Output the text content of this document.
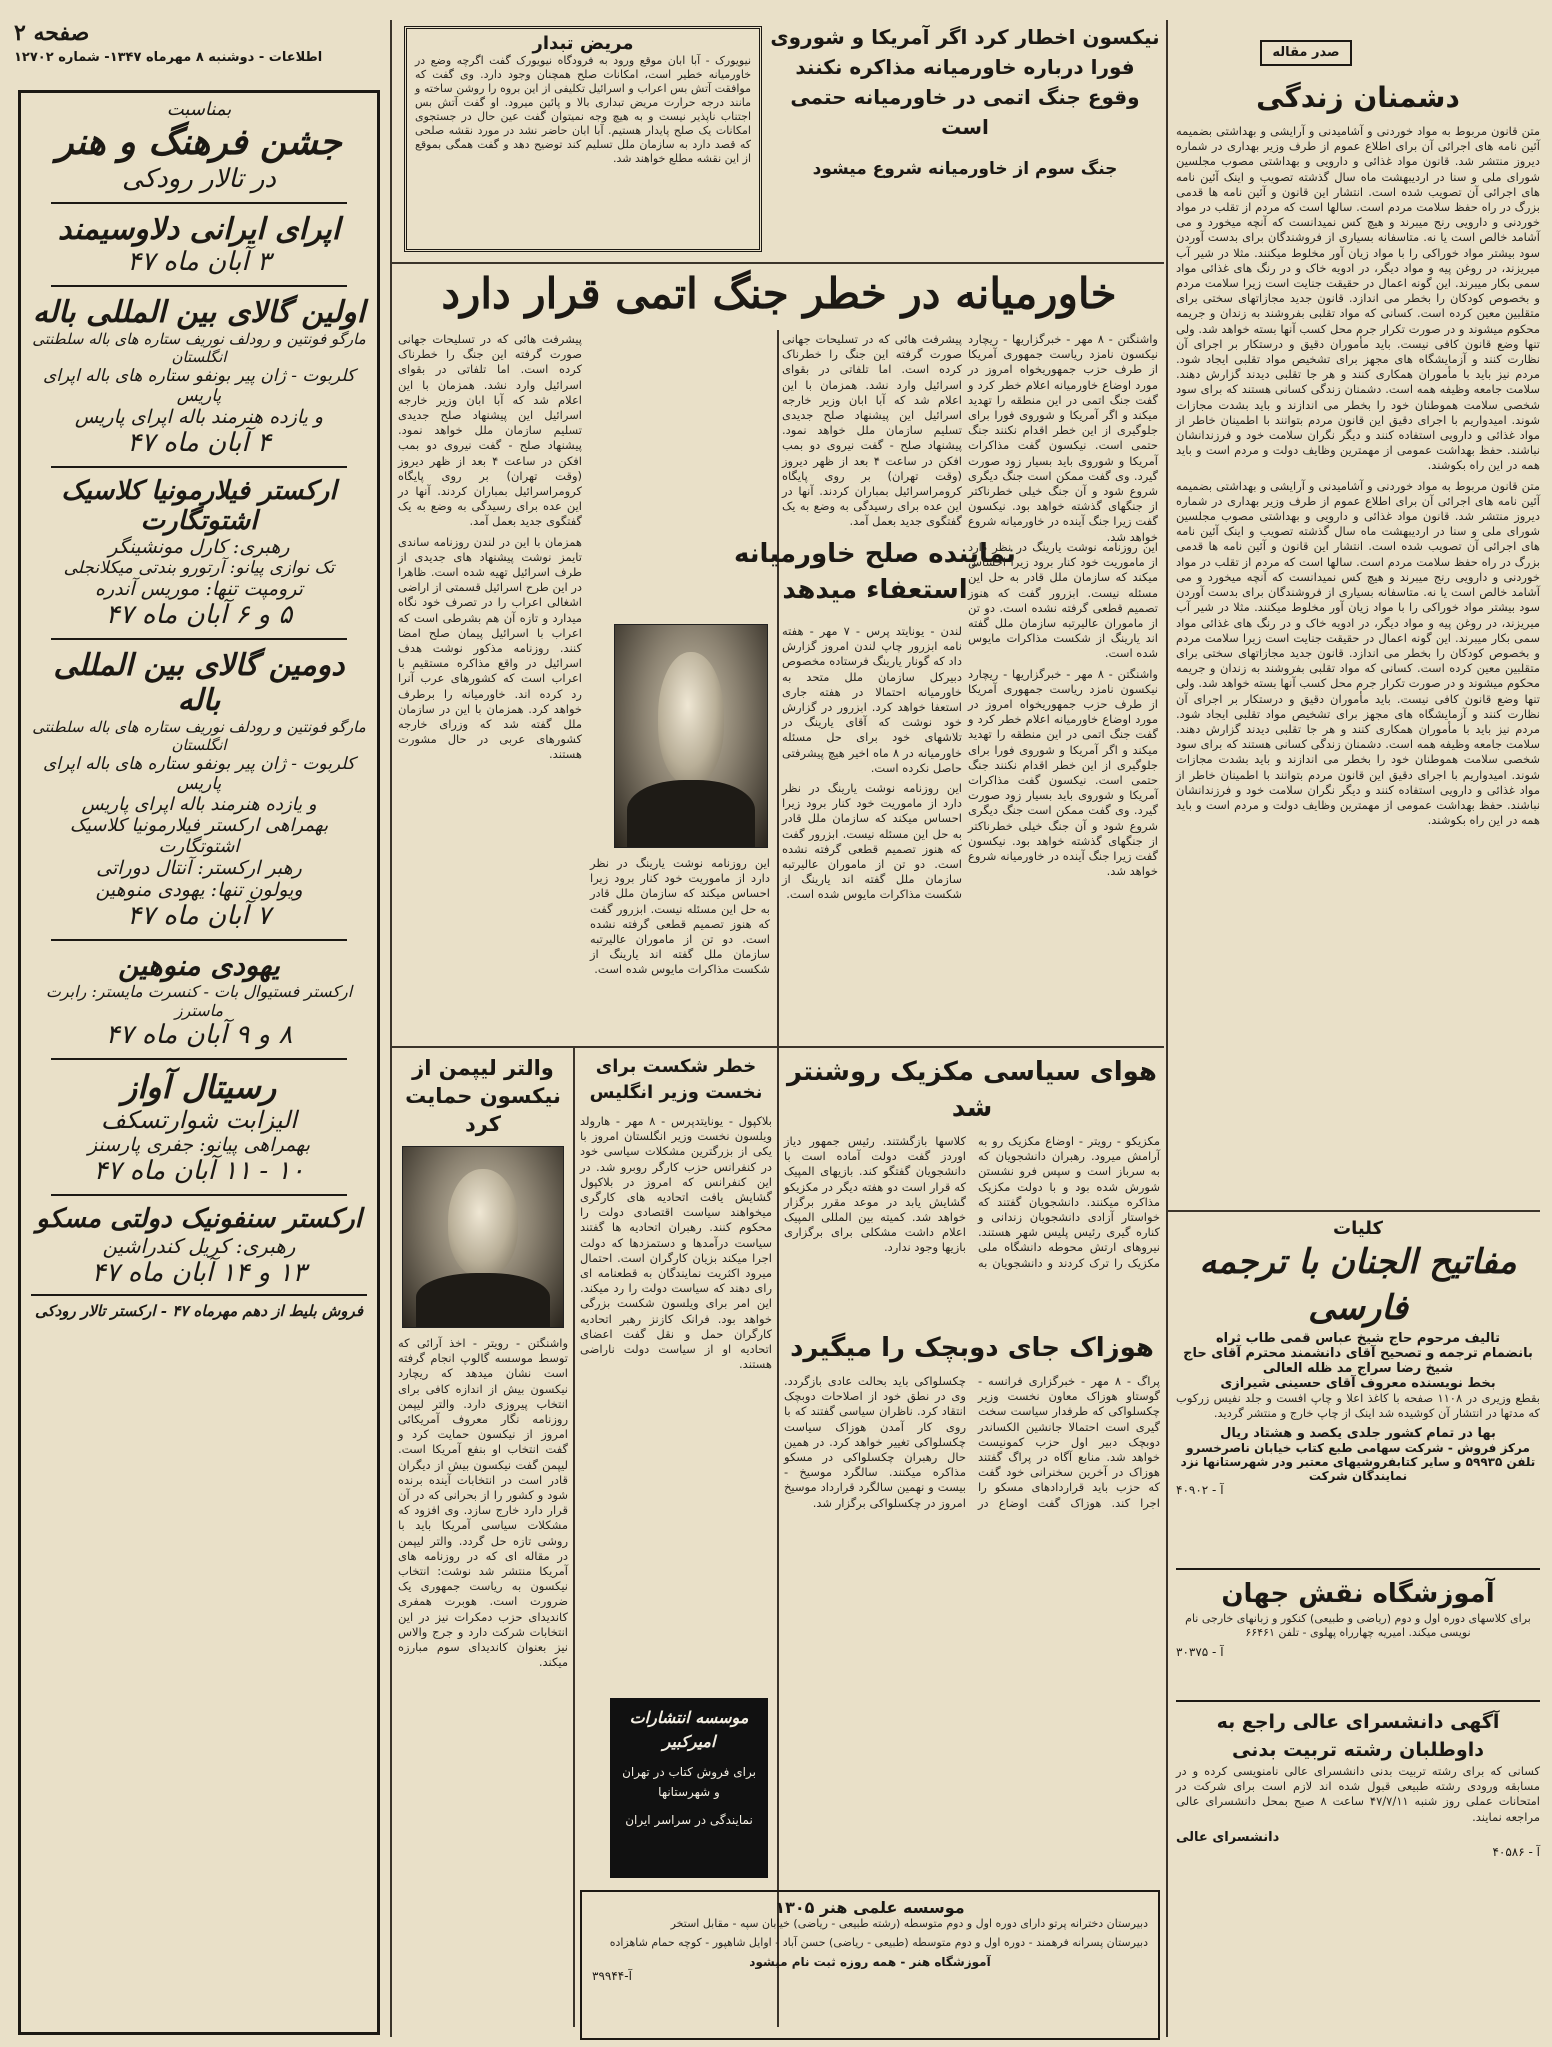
صفحه ۲
اطلاعات - دوشنبه ۸ مهرماه ۱۳۴۷- شماره ۱۲۷۰۲
بمناسبت
جشن فرهنگ و هنر
در تالار رودکی
اپرای ایرانی دلاوسیمند
۳ آبان ماه ۴۷
اولین گالای بین المللی باله
مارگو فونتین و رودلف نوریف ستاره های باله سلطنتی انگلستان
کلربوت - ژان پیر بونفو ستاره های باله اپرای پاریس
و یازده هنرمند باله اپرای پاریس
۴ آبان ماه ۴۷
ارکستر فیلارمونیا کلاسیک اشتوتگارت
رهبری: کارل مونشینگر
تک نوازی پیانو: آرتورو بندتی میکلانجلی
ترومپت تنها: موریس آندره
۵ و ۶ آبان ماه ۴۷
دومین گالای بین المللی باله
مارگو فونتین و رودلف نوریف ستاره های باله سلطنتی انگلستان
کلربوت - ژان پیر بونفو ستاره های باله اپرای پاریس
و یازده هنرمند باله اپرای پاریس
بهمراهی ارکستر فیلارمونیا کلاسیک اشتوتگارت
رهبر ارکستر: آنتال دوراتی
ویولون تنها: یهودی منوهین
۷ آبان ماه ۴۷
یهودی منوهین
ارکستر فستیوال بات - کنسرت مایستر: رابرت ماسترز
۸ و ۹ آبان ماه ۴۷
رسیتال آواز
الیزابت شوارتسکف
بهمراهی پیانو: جفری پارسنز
۱۰ - ۱۱ آبان ماه ۴۷
ارکستر سنفونیک دولتی مسکو
رهبری: کریل کندراشین
۱۳ و ۱۴ آبان ماه ۴۷
فروش بلیط از دهم مهرماه ۴۷ - ارکستر تالار رودکی
مریض تبدار

نیویورک - آبا ابان موقع ورود به فرودگاه نیویورک گفت اگرچه وضع در خاورمیانه خطیر است، امکانات صلح همچنان وجود دارد. وی گفت که موافقت آتش بس اعراب و اسرائیل تکلیفی از این بروه را روشن ساخته و مانند درجه حرارت مریض تبداری بالا و پائین میرود. او گفت آتش بس اجتناب ناپذیر نیست و به هیچ وجه نمیتوان گفت عین حال در جستجوی امکانات یک صلح پایدار هستیم. آبا ابان حاضر نشد در مورد نقشه صلحی که قصد دارد به سازمان ملل تسلیم کند توضیح دهد و گفت همگی بموقع از این نقشه مطلع خواهند شد.

نیکسون اخطار کرد اگر آمریکا و شوروی فورا درباره خاورمیانه مذاکره نکنند وقوع جنگ اتمی در خاورمیانه حتمی است
جنگ سوم از خاورمیانه شروع میشود
خاورمیانه در خطر جنگ اتمی قرار دارد

واشنگتن - ۸ مهر - خبرگزاریها - ریچارد نیکسون نامزد ریاست جمهوری آمریکا از طرف حزب جمهوریخواه امروز در مورد اوضاع خاورمیانه اعلام خطر کرد و گفت جنگ اتمی در این منطقه را تهدید میکند و اگر آمریکا و شوروی فورا برای جلوگیری از این خطر اقدام نکنند جنگ حتمی است. نیکسون گفت مذاکرات آمریکا و شوروی باید بسیار زود صورت گیرد. وی گفت ممکن است جنگ دیگری شروع شود و آن جنگ خیلی خطرناکتر از جنگهای گذشته خواهد بود. نیکسون گفت زیرا جنگ آینده در خاورمیانه شروع خواهد شد.

پیشرفت هائی که در تسلیحات جهانی صورت گرفته این جنگ را خطرناک کرده است. اما تلفاتی در بقوای اسرائیل وارد نشد. همزمان با این اعلام شد که آبا ابان وزیر خارجه اسرائیل این پیشنهاد صلح جدیدی تسلیم سازمان ملل خواهد نمود. پیشنهاد صلح - گفت نیروی دو بمب افکن در ساعت ۴ بعد از ظهر دیروز (وقت تهران) بر روی پایگاه کرومراسرائیل بمباران کردند. آنها در این عده برای رسیدگی به وضع به یک گفتگوی جدید بعمل آمد.

نماینده صلح خاورمیانه
استعفاء میدهد

این روزنامه نوشت یارینگ در نظر دارد از ماموریت خود کنار برود زیرا احساس میکند که سازمان ملل قادر به حل این مسئله نیست. ابزرور گفت که هنوز تصمیم قطعی گرفته نشده است. دو تن از ماموران عالیرتبه سازمان ملل گفته اند یارینگ از شکست مذاکرات مایوس شده است.

واشنگتن - ۸ مهر - خبرگزاریها - ریچارد نیکسون نامزد ریاست جمهوری آمریکا از طرف حزب جمهوریخواه امروز در مورد اوضاع خاورمیانه اعلام خطر کرد و گفت جنگ اتمی در این منطقه را تهدید میکند و اگر آمریکا و شوروی فورا برای جلوگیری از این خطر اقدام نکنند جنگ حتمی است. نیکسون گفت مذاکرات آمریکا و شوروی باید بسیار زود صورت گیرد. وی گفت ممکن است جنگ دیگری شروع شود و آن جنگ خیلی خطرناکتر از جنگهای گذشته خواهد بود. نیکسون گفت زیرا جنگ آینده در خاورمیانه شروع خواهد شد.

لندن - یونایتد پرس - ۷ مهر - هفته نامه ابزرور چاپ لندن امروز گزارش داد که گونار یارینگ فرستاده مخصوص دبیرکل سازمان ملل متحد به خاورمیانه احتمالا در هفته جاری استعفا خواهد کرد. ابزرور در گزارش خود نوشت که آقای یارینگ در تلاشهای خود برای حل مسئله خاورمیانه در ۸ ماه اخیر هیچ پیشرفتی حاصل نکرده است.

این روزنامه نوشت یارینگ در نظر دارد از ماموریت خود کنار برود زیرا احساس میکند که سازمان ملل قادر به حل این مسئله نیست. ابزرور گفت که هنوز تصمیم قطعی گرفته نشده است. دو تن از ماموران عالیرتبه سازمان ملل گفته اند یارینگ از شکست مذاکرات مایوس شده است.

این روزنامه نوشت یارینگ در نظر دارد از ماموریت خود کنار برود زیرا احساس میکند که سازمان ملل قادر به حل این مسئله نیست. ابزرور گفت که هنوز تصمیم قطعی گرفته نشده است. دو تن از ماموران عالیرتبه سازمان ملل گفته اند یارینگ از شکست مذاکرات مایوس شده است.

پیشرفت هائی که در تسلیحات جهانی صورت گرفته این جنگ را خطرناک کرده است. اما تلفاتی در بقوای اسرائیل وارد نشد. همزمان با این اعلام شد که آبا ابان وزیر خارجه اسرائیل این پیشنهاد صلح جدیدی تسلیم سازمان ملل خواهد نمود. پیشنهاد صلح - گفت نیروی دو بمب افکن در ساعت ۴ بعد از ظهر دیروز (وقت تهران) بر روی پایگاه کرومراسرائیل بمباران کردند. آنها در این عده برای رسیدگی به وضع به یک گفتگوی جدید بعمل آمد.

همزمان با این در لندن روزنامه ساندی تایمز نوشت پیشنهاد های جدیدی از طرف اسرائیل تهیه شده است. ظاهرا در این طرح اسرائیل قسمتی از اراضی اشغالی اعراب را در تصرف خود نگاه میدارد و تازه آن هم بشرطی است که اعراب با اسرائیل پیمان صلح امضا کنند. روزنامه مذکور نوشت هدف اسرائیل در واقع مذاکره مستقیم با اعراب است که کشورهای عرب آنرا رد کرده اند. خاورمیانه را برطرف خواهد کرد. همزمان با این در سازمان ملل گفته شد که وزرای خارجه کشورهای عربی در حال مشورت هستند.

والتر لیپمن از نیکسون حمایت کرد

واشنگتن - رویتر - اخذ آرائی که توسط موسسه گالوپ انجام گرفته است نشان میدهد که ریچارد نیکسون بیش از اندازه کافی برای انتخاب پیروزی دارد. والتر لیپمن روزنامه نگار معروف آمریکائی امروز از نیکسون حمایت کرد و گفت انتخاب او بنفع آمریکا است. لیپمن گفت نیکسون بیش از دیگران قادر است در انتخابات آینده برنده شود و کشور را از بحرانی که در آن قرار دارد خارج سازد. وی افزود که مشکلات سیاسی آمریکا باید با روشی تازه حل گردد. والتر لیپمن در مقاله ای که در روزنامه های آمریکا منتشر شد نوشت: انتخاب نیکسون به ریاست جمهوری یک ضرورت است. هوبرت همفری کاندیدای حزب دمکرات نیز در این انتخابات شرکت دارد و جرج والاس نیز بعنوان کاندیدای سوم مبارزه میکند.

خطر شکست برای نخست وزیر انگلیس

بلاکپول - یونایتدپرس - ۸ مهر - هارولد ویلسون نخست وزیر انگلستان امروز با یکی از بزرگترین مشکلات سیاسی خود در کنفرانس حزب کارگر روبرو شد. در این کنفرانس که امروز در بلاکپول گشایش یافت اتحادیه های کارگری میخواهند سیاست اقتصادی دولت را محکوم کنند. رهبران اتحادیه ها گفتند سیاست درآمدها و دستمزدها که دولت اجرا میکند بزیان کارگران است. احتمال میرود اکثریت نمایندگان به قطعنامه ای رای دهند که سیاست دولت را رد میکند. این امر برای ویلسون شکست بزرگی خواهد بود. فرانک کازنز رهبر اتحادیه کارگران حمل و نقل گفت اعضای اتحادیه او از سیاست دولت ناراضی هستند.

موسسه انتشارات امیرکبیر
برای فروش کتاب در تهران و شهرستانها
نمایندگی در سراسر ایران
هوای سیاسی مکزیک روشنتر شد

مکزیکو - رویتر - اوضاع مکزیک رو به آرامش میرود. رهبران دانشجویان که به سرباز است و سپس فرو نشستن شورش شده بود و با دولت مکزیک مذاکره میکنند. دانشجویان گفتند که خواستار آزادی دانشجویان زندانی و کناره گیری رئیس پلیس شهر هستند. نیروهای ارتش محوطه دانشگاه ملی مکزیک را ترک کردند و دانشجویان به کلاسها بازگشتند. رئیس جمهور دیاز اوردز گفت دولت آماده است با دانشجویان گفتگو کند. بازیهای المپیک که قرار است دو هفته دیگر در مکزیکو گشایش یابد در موعد مقرر برگزار خواهد شد. کمیته بین المللی المپیک اعلام داشت مشکلی برای برگزاری بازیها وجود ندارد.

هوزاک جای دوبچک را میگیرد

پراگ - ۸ مهر - خبرگزاری فرانسه - گوستاو هوزاک معاون نخست وزیر چکسلواکی که طرفدار سیاست سخت گیری است احتمالا جانشین الکساندر دوبچک دبیر اول حزب کمونیست خواهد شد. منابع آگاه در پراگ گفتند هوزاک در آخرین سخنرانی خود گفت که حزب باید قراردادهای مسکو را اجرا کند. هوزاک گفت اوضاع در چکسلواکی باید بحالت عادی بازگردد. وی در نطق خود از اصلاحات دوبچک انتقاد کرد. ناظران سیاسی گفتند که با روی کار آمدن هوزاک سیاست چکسلواکی تغییر خواهد کرد. در همین حال رهبران چکسلواکی در مسکو مذاکره میکنند. سالگرد موسیخ - بیست و نهمین سالگرد قرارداد موسیخ امروز در چکسلواکی برگزار شد.

موسسه علمی هنر ۱۳۰۵

دبیرستان دخترانه پرتو دارای دوره اول و دوم متوسطه (رشته طبیعی - ریاضی) خیابان سپه - مقابل استخر

دبیرستان پسرانه فرهمند - دوره اول و دوم متوسطه (طبیعی - ریاضی) حسن آباد - اوایل شاهپور - کوچه حمام شاهزاده

آموزشگاه هنر - همه روزه ثبت نام میشود
آ-۳۹۹۴۴
صدر مقاله
دشمنان زندگی

متن قانون مربوط به مواد خوردنی و آشامیدنی و آرایشی و بهداشتی بضمیمه آئین نامه های اجرائی آن برای اطلاع عموم از طرف وزیر بهداری در شماره دیروز منتشر شد. قانون مواد غذائی و دارویی و بهداشتی مصوب مجلسین شورای ملی و سنا در اردیبهشت ماه سال گذشته تصویب و اینک آئین نامه های اجرائی آن تصویب شده است. انتشار این قانون و آئین نامه ها قدمی بزرگ در راه حفظ سلامت مردم است. سالها است که مردم از تقلب در مواد خوردنی و دارویی رنج میبرند و هیچ کس نمیدانست که آنچه میخورد و می آشامد خالص است یا نه. متاسفانه بسیاری از فروشندگان برای بدست آوردن سود بیشتر مواد خوراکی را با مواد زیان آور مخلوط میکنند. مثلا در شیر آب میریزند، در روغن پیه و مواد دیگر، در ادویه خاک و در رنگ های غذائی مواد سمی بکار میبرند. این گونه اعمال در حقیقت جنایت است زیرا سلامت مردم و بخصوص کودکان را بخطر می اندازد. قانون جدید مجازاتهای سختی برای متقلبین معین کرده است. کسانی که مواد تقلبی بفروشند به زندان و جریمه محکوم میشوند و در صورت تکرار جرم محل کسب آنها بسته خواهد شد. ولی تنها وضع قانون کافی نیست. باید مأموران دقیق و درستکار بر اجرای آن نظارت کنند و آزمایشگاه های مجهز برای تشخیص مواد تقلبی ایجاد شود. مردم نیز باید با مأموران همکاری کنند و هر جا تقلبی دیدند گزارش دهند. سلامت جامعه وظیفه همه است. دشمنان زندگی کسانی هستند که برای سود شخصی سلامت هموطنان خود را بخطر می اندازند و باید بشدت مجازات شوند. امیدواریم با اجرای دقیق این قانون مردم بتوانند با اطمینان خاطر از مواد غذائی و دارویی استفاده کنند و دیگر نگران سلامت خود و فرزندانشان نباشند. حفظ بهداشت عمومی از مهمترین وظایف دولت و مردم است و باید همه در این راه بکوشند.

متن قانون مربوط به مواد خوردنی و آشامیدنی و آرایشی و بهداشتی بضمیمه آئین نامه های اجرائی آن برای اطلاع عموم از طرف وزیر بهداری در شماره دیروز منتشر شد. قانون مواد غذائی و دارویی و بهداشتی مصوب مجلسین شورای ملی و سنا در اردیبهشت ماه سال گذشته تصویب و اینک آئین نامه های اجرائی آن تصویب شده است. انتشار این قانون و آئین نامه ها قدمی بزرگ در راه حفظ سلامت مردم است. سالها است که مردم از تقلب در مواد خوردنی و دارویی رنج میبرند و هیچ کس نمیدانست که آنچه میخورد و می آشامد خالص است یا نه. متاسفانه بسیاری از فروشندگان برای بدست آوردن سود بیشتر مواد خوراکی را با مواد زیان آور مخلوط میکنند. مثلا در شیر آب میریزند، در روغن پیه و مواد دیگر، در ادویه خاک و در رنگ های غذائی مواد سمی بکار میبرند. این گونه اعمال در حقیقت جنایت است زیرا سلامت مردم و بخصوص کودکان را بخطر می اندازد. قانون جدید مجازاتهای سختی برای متقلبین معین کرده است. کسانی که مواد تقلبی بفروشند به زندان و جریمه محکوم میشوند و در صورت تکرار جرم محل کسب آنها بسته خواهد شد. ولی تنها وضع قانون کافی نیست. باید مأموران دقیق و درستکار بر اجرای آن نظارت کنند و آزمایشگاه های مجهز برای تشخیص مواد تقلبی ایجاد شود. مردم نیز باید با مأموران همکاری کنند و هر جا تقلبی دیدند گزارش دهند. سلامت جامعه وظیفه همه است. دشمنان زندگی کسانی هستند که برای سود شخصی سلامت هموطنان خود را بخطر می اندازند و باید بشدت مجازات شوند. امیدواریم با اجرای دقیق این قانون مردم بتوانند با اطمینان خاطر از مواد غذائی و دارویی استفاده کنند و دیگر نگران سلامت خود و فرزندانشان نباشند. حفظ بهداشت عمومی از مهمترین وظایف دولت و مردم است و باید همه در این راه بکوشند.

کلیات
مفاتیح الجنان با ترجمه فارسی
تالیف مرحوم حاج شیخ عباس قمی طاب ثراه
بانضمام ترجمه و تصحیح آقای دانشمند محترم آقای حاج شیخ رضا سراج مد ظله العالی
بخط نویسنده معروف آقای حسینی شیرازی

بقطع وزیری در ۱۱۰۸ صفحه با کاغذ اعلا و چاپ افست و جلد نفیس زرکوب که مدتها در انتشار آن کوشیده شد اینک از چاپ خارج و منتشر گردید.

بها در تمام کشور جلدی یکصد و هشتاد ریال
مرکز فروش - شرکت سهامی طبع کتاب خیابان ناصرخسرو تلفن ۵۹۹۳۵ و سایر کتابفروشیهای معتبر ودر شهرستانها نزد نمایندگان شرکت
آ - ۴۰۹۰۲
آموزشگاه نقش جهان

برای کلاسهای دوره اول و دوم (ریاضی و طبیعی) کنکور و زبانهای خارجی نام نویسی میکند. امیریه چهارراه پهلوی - تلفن ۶۶۴۶۱

آ - ۳۰۳۷۵
آگهی دانشسرای عالی راجع به داوطلبان رشته تربیت بدنی

کسانی که برای رشته تربیت بدنی دانشسرای عالی نامنویسی کرده و در مسابقه ورودی رشته طبیعی قبول شده اند لازم است برای شرکت در امتحانات عملی روز شنبه ۴۷/۷/۱۱ ساعت ۸ صبح بمحل دانشسرای عالی مراجعه نمایند.

دانشسرای عالی
آ - ۴۰۵۸۶
